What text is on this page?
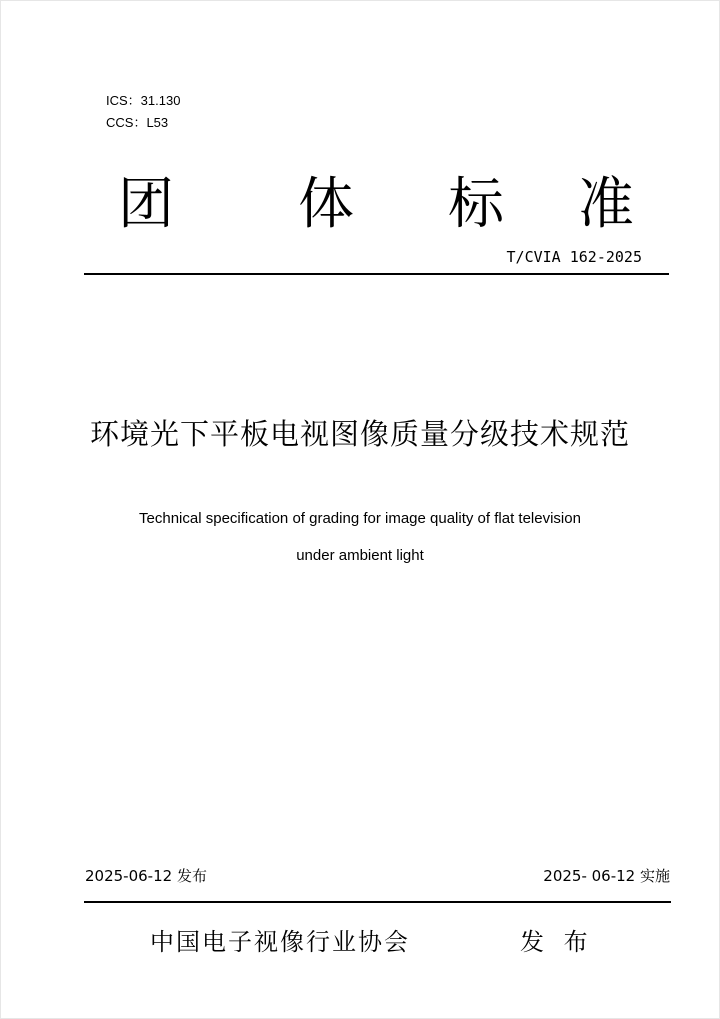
ICS：31.130
CCS：L53
团 体 标 准
T/CVIA 162-2025
环境光下平板电视图像质量分级技术规范
Technical specification of grading for image quality of flat television
under ambient light
2025-06-12 发布	2025- 06-12 实施
中国电子视像行业协会	发 布
